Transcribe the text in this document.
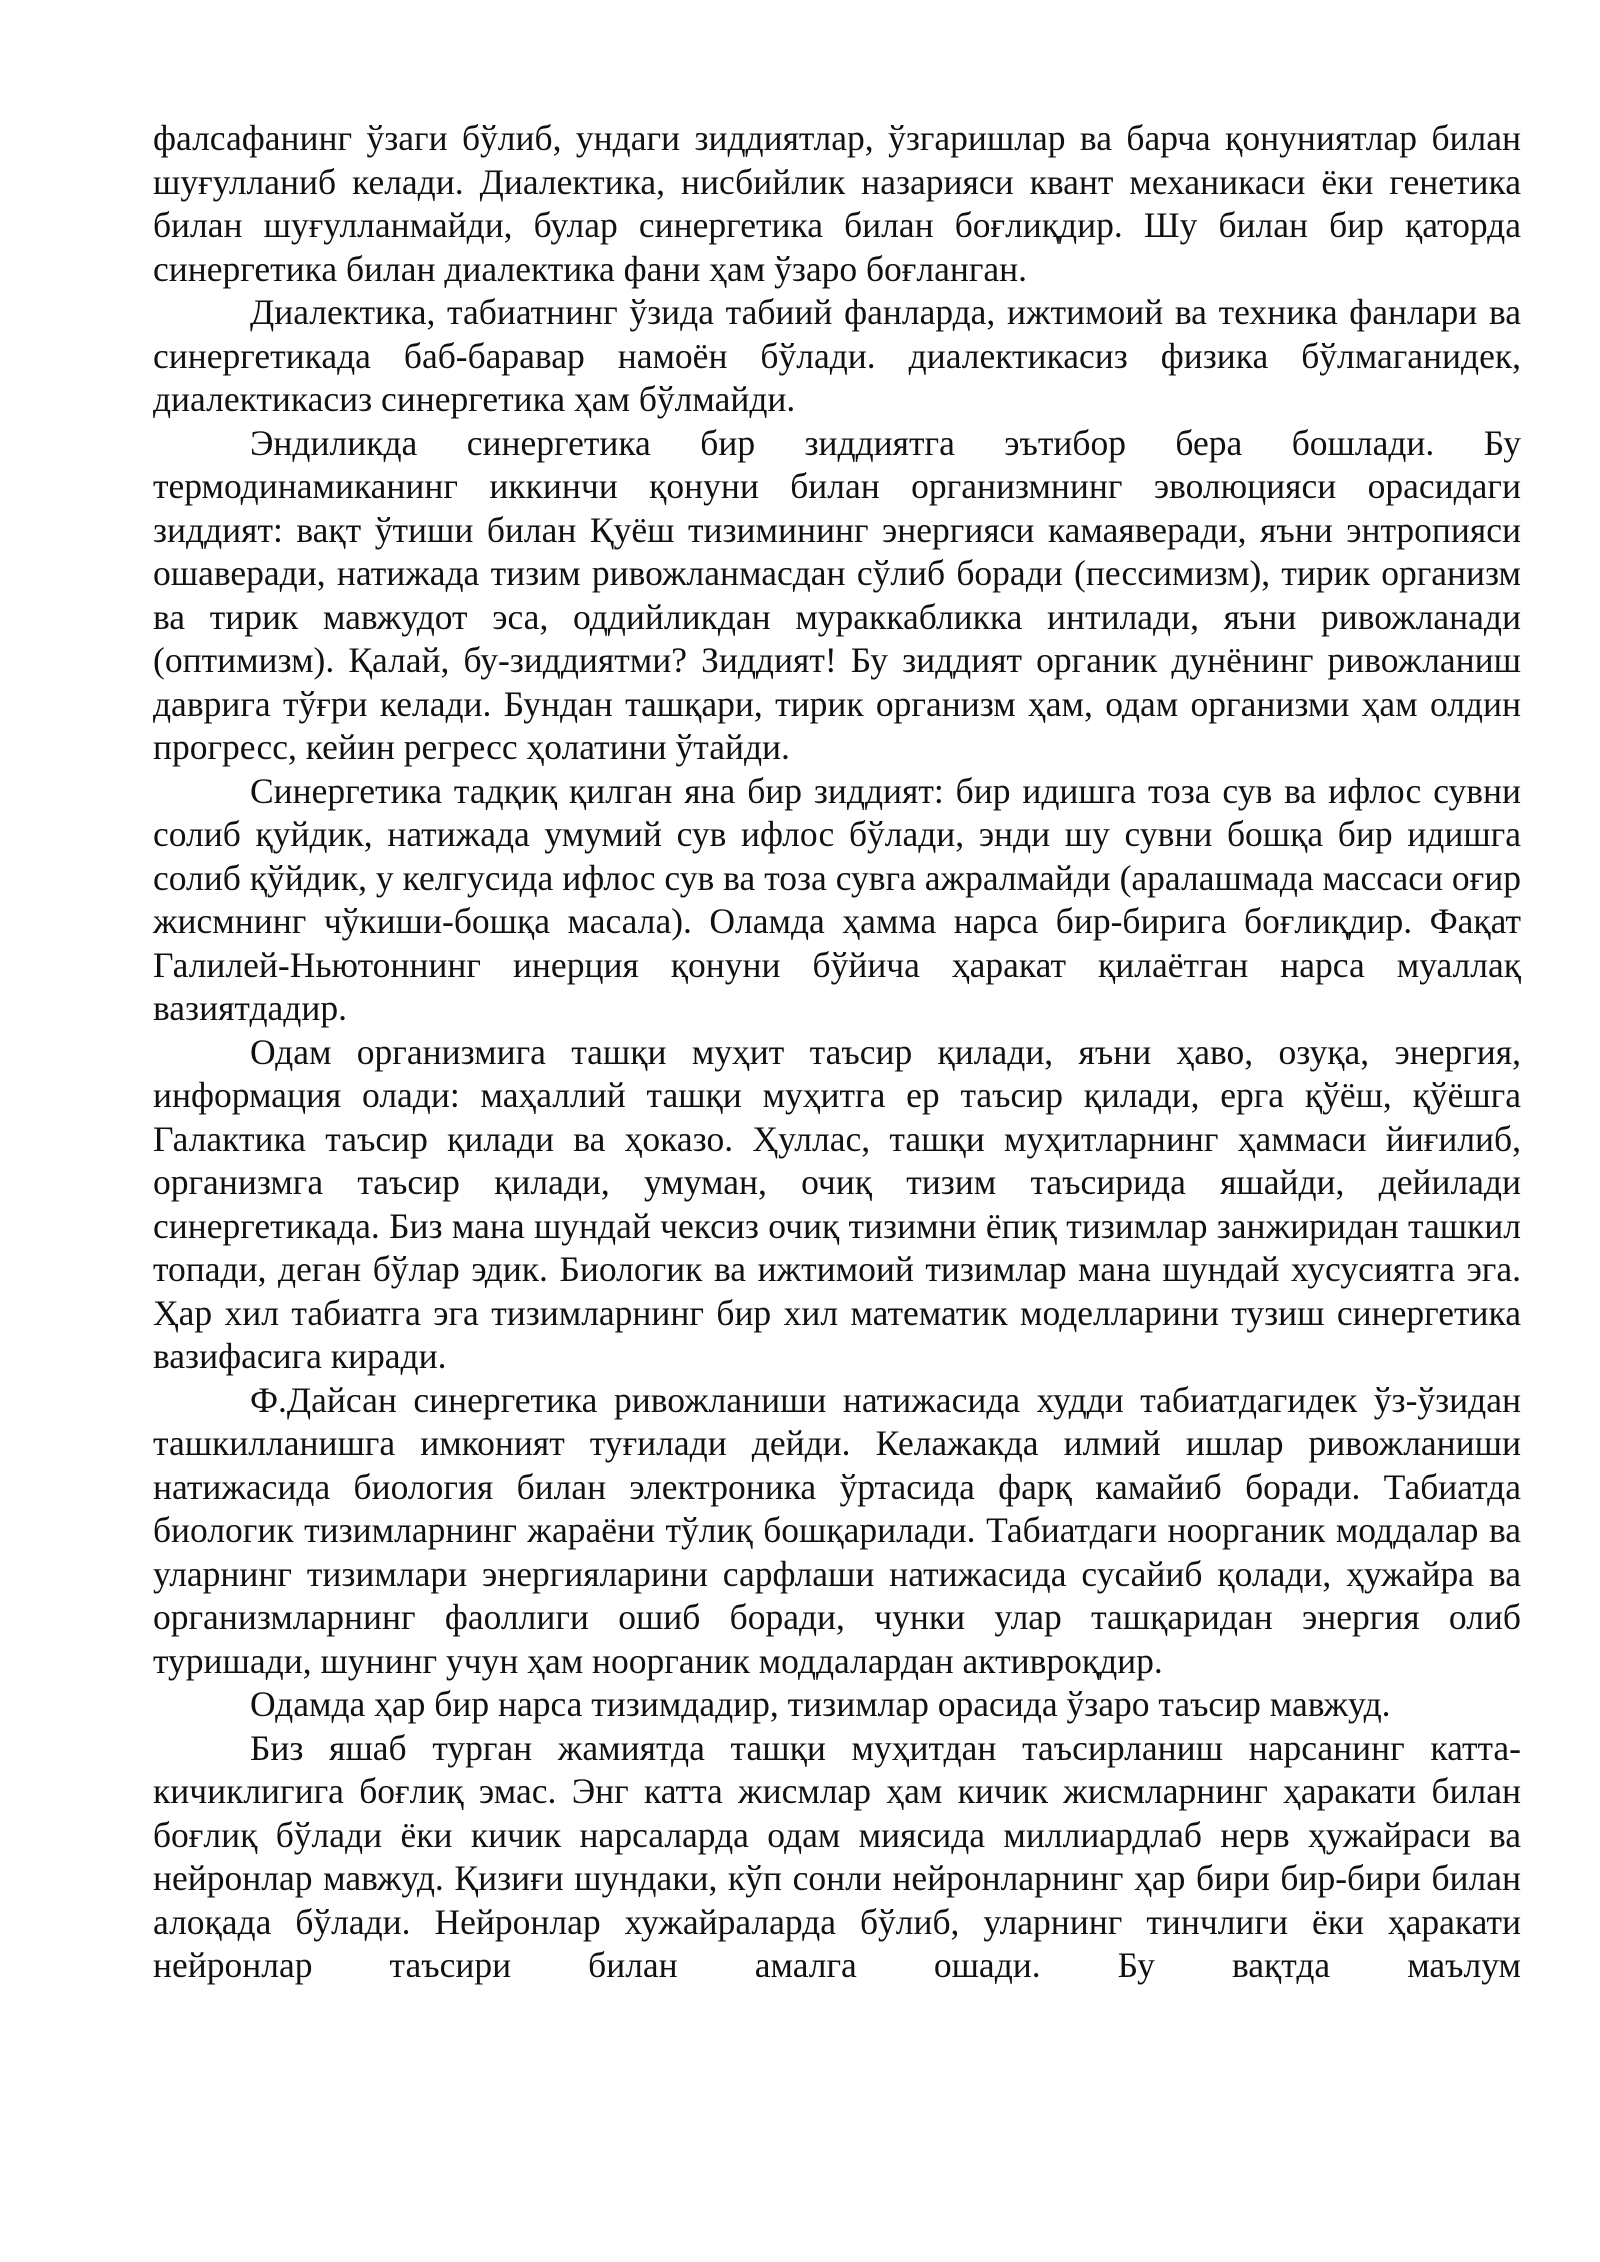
фалсафанинг ўзаги бўлиб, ундаги зиддиятлар, ўзгаришлар ва барча қонуниятлар билан шуғулланиб келади. Диалектика, нисбийлик назарияси квант механикаси ёки генетика билан шуғулланмайди, булар синергетика билан боғлиқдир. Шу билан бир қаторда синергетика билан диалектика фани ҳам ўзаро боғланган.

Диалектика, табиатнинг ўзида табиий фанларда, ижтимоий ва техника фанлари ва синергетикада баб-баравар намоён бўлади. диалектикасиз физика бўлмаганидек, диалектикасиз синергетика ҳам бўлмайди.

Эндиликда синергетика бир зиддиятга эътибор бера бошлади. Бу термодинамиканинг иккинчи қонуни билан организмнинг эволюцияси орасидаги зиддият: вақт ўтиши билан Қуёш тизимининг энергияси камаяверади, яъни энтропияси ошаверади, натижада тизим ривожланмасдан сўлиб боради (пессимизм), тирик организм ва тирик мавжудот эса, оддийликдан мураккабликка интилади, яъни ривожланади (оптимизм). Қалай, бу-зиддиятми? Зиддият! Бу зиддият органик дунёнинг ривожланиш даврига тўғри келади. Бундан ташқари, тирик организм ҳам, одам организми ҳам олдин прогресс, кейин регресс ҳолатини ўтайди.

Синергетика тадқиқ қилган яна бир зиддият: бир идишга тоза сув ва ифлос сувни солиб қуйдик, натижада умумий сув ифлос бўлади, энди шу сувни бошқа бир идишга солиб қўйдик, у келгусида ифлос сув ва тоза сувга ажралмайди (аралашмада массаси оғир жисмнинг чўкиши-бошқа масала). Оламда ҳамма нарса бир-бирига боғлиқдир. Фақат Галилей-Ньютоннинг инерция қонуни бўйича ҳаракат қилаётган нарса муаллақ вазиятдадир.

Одам организмига ташқи муҳит таъсир қилади, яъни ҳаво, озуқа, энергия, информация олади: маҳаллий ташқи муҳитга ер таъсир қилади, ерга қўёш, қўёшга Галактика таъсир қилади ва ҳоказо. Ҳуллас, ташқи муҳитларнинг ҳаммаси йиғилиб, организмга таъсир қилади, умуман, очиқ тизим таъсирида яшайди, дейилади синергетикада. Биз мана шундай чексиз очиқ тизимни ёпиқ тизимлар занжиридан ташкил топади, деган бўлар эдик. Биологик ва ижтимоий тизимлар мана шундай хусусиятга эга. Ҳар хил табиатга эга тизимларнинг бир хил математик моделларини тузиш синергетика вазифасига киради.

Ф.Дайсан синергетика ривожланиши натижасида худди табиатдагидек ўз-ўзидан ташкилланишга имконият туғилади дейди. Келажакда илмий ишлар ривожланиши натижасида биология билан электроника ўртасида фарқ камайиб боради. Табиатда биологик тизимларнинг жараёни тўлиқ бошқарилади. Табиатдаги ноорганик моддалар ва уларнинг тизимлари энергияларини сарфлаши натижасида сусайиб қолади, ҳужайра ва организмларнинг фаоллиги ошиб боради, чунки улар ташқаридан энергия олиб туришади, шунинг учун ҳам ноорганик моддалардан активроқдир.

Одамда ҳар бир нарса тизимдадир, тизимлар орасида ўзаро таъсир мавжуд.

Биз яшаб турган жамиятда ташқи муҳитдан таъсирланиш нарсанинг катта-кичиклигига боғлиқ эмас. Энг катта жисмлар ҳам кичик жисмларнинг ҳаракати билан боғлиқ бўлади ёки кичик нарсаларда одам миясида миллиардлаб нерв ҳужайраси ва нейронлар мавжуд. Қизиғи шундаки, кўп сонли нейронларнинг ҳар бири бир-бири билан алоқада бўлади. Нейронлар хужайраларда бўлиб, уларнинг тинчлиги ёки ҳаракати нейронлар таъсири билан амалга ошади. Бу вақтда маълум
